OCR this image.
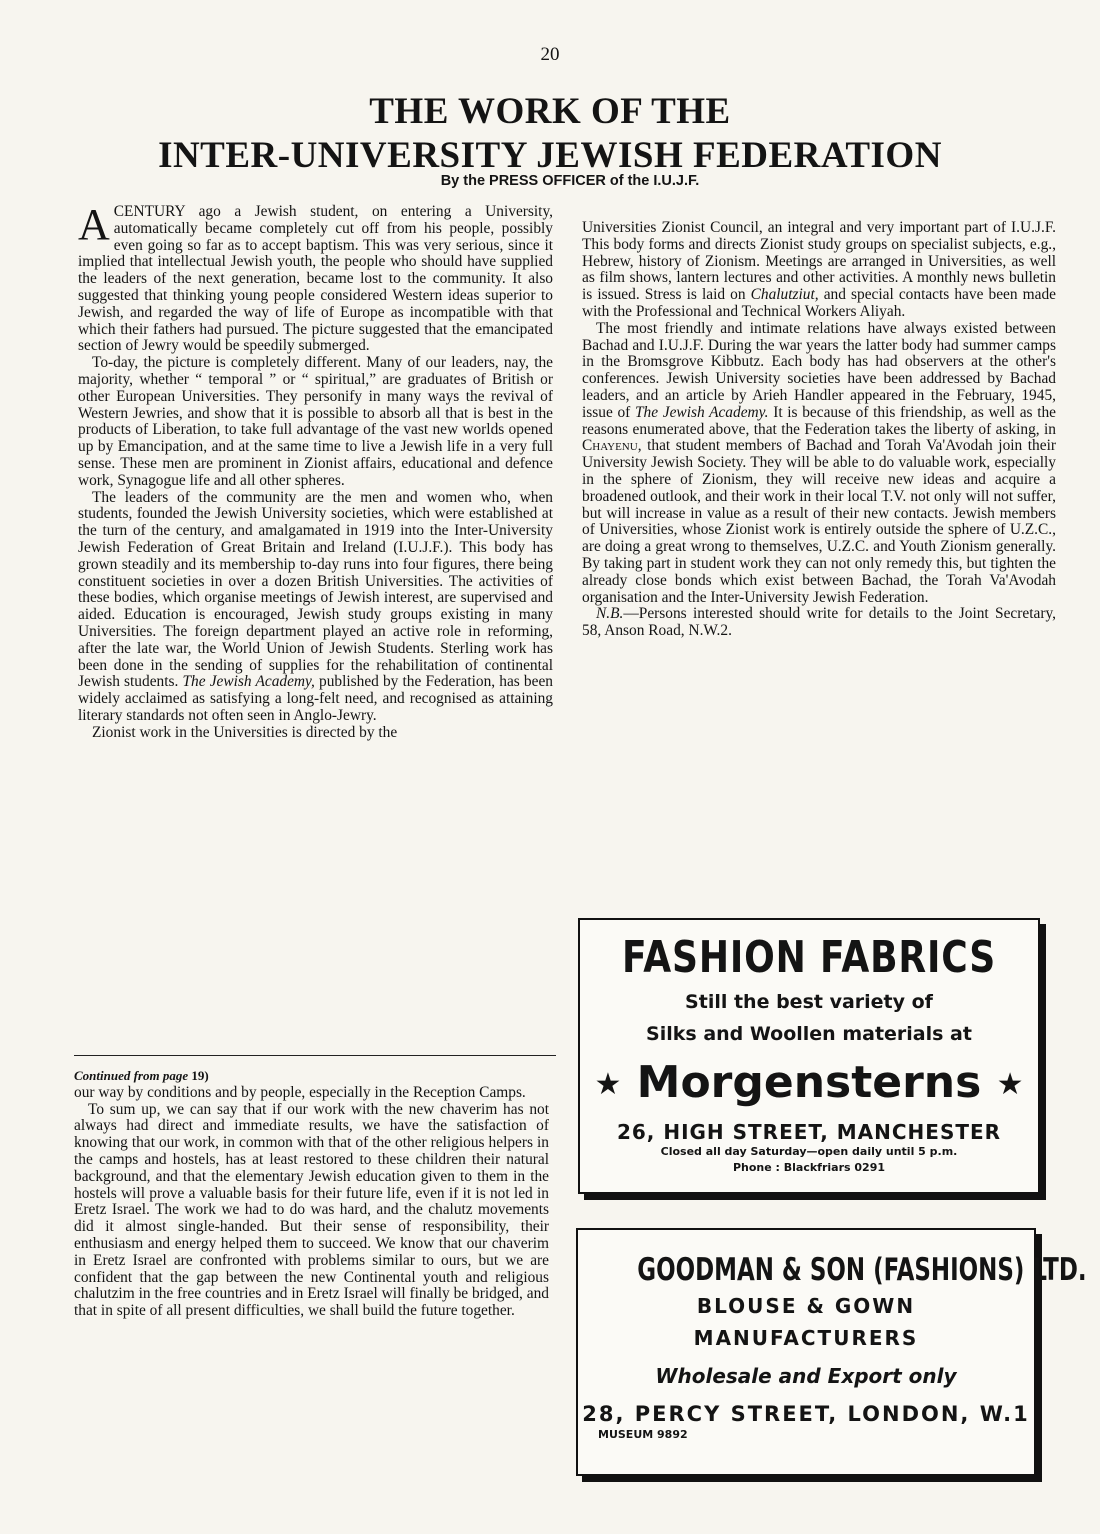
20
THE WORK OF THE
INTER-UNIVERSITY JEWISH FEDERATION
By the PRESS OFFICER of the I.U.J.F.

ACENTURY ago a Jewish student, on entering a University, automatically became completely cut off from his people, possibly even going so far as to accept baptism. This was very serious, since it implied that intellectual Jewish youth, the people who should have supplied the leaders of the next generation, became lost to the community. It also suggested that thinking young people considered Western ideas superior to Jewish, and regarded the way of life of Europe as incompatible with that which their fathers had pursued. The picture suggested that the emancipated section of Jewry would be speedily submerged.

To-day, the picture is completely different. Many of our leaders, nay, the majority, whether “ temporal ” or “ spiritual,” are graduates of British or other European Universities. They personify in many ways the revival of Western Jewries, and show that it is possible to absorb all that is best in the products of Liberation, to take full advantage of the vast new worlds opened up by Emancipation, and at the same time to live a Jewish life in a very full sense. These men are prominent in Zionist affairs, educational and defence work, Synagogue life and all other spheres.

The leaders of the community are the men and women who, when students, founded the Jewish University societies, which were established at the turn of the century, and amalgamated in 1919 into the Inter-University Jewish Federation of Great Britain and Ireland (I.U.J.F.). This body has grown steadily and its membership to-day runs into four figures, there being constituent societies in over a dozen British Universities. The activities of these bodies, which organise meetings of Jewish interest, are supervised and aided. Education is encouraged, Jewish study groups existing in many Universities. The foreign department played an active role in reforming, after the late war, the World Union of Jewish Students. Sterling work has been done in the sending of supplies for the rehabilitation of continental Jewish students. The Jewish Academy, published by the Federation, has been widely acclaimed as satisfying a long-felt need, and recognised as attaining literary standards not often seen in Anglo-Jewry.

Zionist work in the Universities is directed by the

Universities Zionist Council, an integral and very important part of I.U.J.F. This body forms and directs Zionist study groups on specialist subjects, e.g., Hebrew, history of Zionism. Meetings are arranged in Universities, as well as film shows, lantern lectures and other activities. A monthly news bulletin is issued. Stress is laid on Chalutziut, and special contacts have been made with the Professional and Technical Workers Aliyah.

The most friendly and intimate relations have always existed between Bachad and I.U.J.F. During the war years the latter body had summer camps in the Bromsgrove Kibbutz. Each body has had observers at the other's conferences. Jewish University societies have been addressed by Bachad leaders, and an article by Arieh Handler appeared in the February, 1945, issue of The Jewish Academy. It is because of this friendship, as well as the reasons enumerated above, that the Federation takes the liberty of asking, in Chayenu, that student members of Bachad and Torah Va'Avodah join their University Jewish Society. They will be able to do valuable work, especially in the sphere of Zionism, they will receive new ideas and acquire a broadened outlook, and their work in their local T.V. not only will not suffer, but will increase in value as a result of their new contacts. Jewish members of Universities, whose Zionist work is entirely outside the sphere of U.Z.C., are doing a great wrong to themselves, U.Z.C. and Youth Zionism generally. By taking part in student work they can not only remedy this, but tighten the already close bonds which exist between Bachad, the Torah Va'Avodah organisation and the Inter-University Jewish Federation.

N.B.—Persons interested should write for details to the Joint Secretary, 58, Anson Road, N.W.2.

Continued from page 19)

our way by conditions and by people, especially in the Reception Camps.

To sum up, we can say that if our work with the new chaverim has not always had direct and immediate results, we have the satisfaction of knowing that our work, in common with that of the other religious helpers in the camps and hostels, has at least restored to these children their natural background, and that the elementary Jewish education given to them in the hostels will prove a valuable basis for their future life, even if it is not led in Eretz Israel. The work we had to do was hard, and the chalutz movements did it almost single-handed. But their sense of responsibility, their enthusiasm and energy helped them to succeed. We know that our chaverim in Eretz Israel are confronted with problems similar to ours, but we are confident that the gap between the new Continental youth and religious chalutzim in the free countries and in Eretz Israel will finally be bridged, and that in spite of all present difficulties, we shall build the future together.

FASHION FABRICS
Still the best variety of
Silks and Woollen materials at
★ Morgensterns ★
26, HIGH STREET, MANCHESTER
Closed all day Saturday—open daily until 5 p.m.
Phone : Blackfriars 0291
GOODMAN & SON (FASHIONS) LTD.
BLOUSE & GOWN
MANUFACTURERS
Wholesale and Export only
28, PERCY STREET, LONDON, W.1
MUSEUM 9892
